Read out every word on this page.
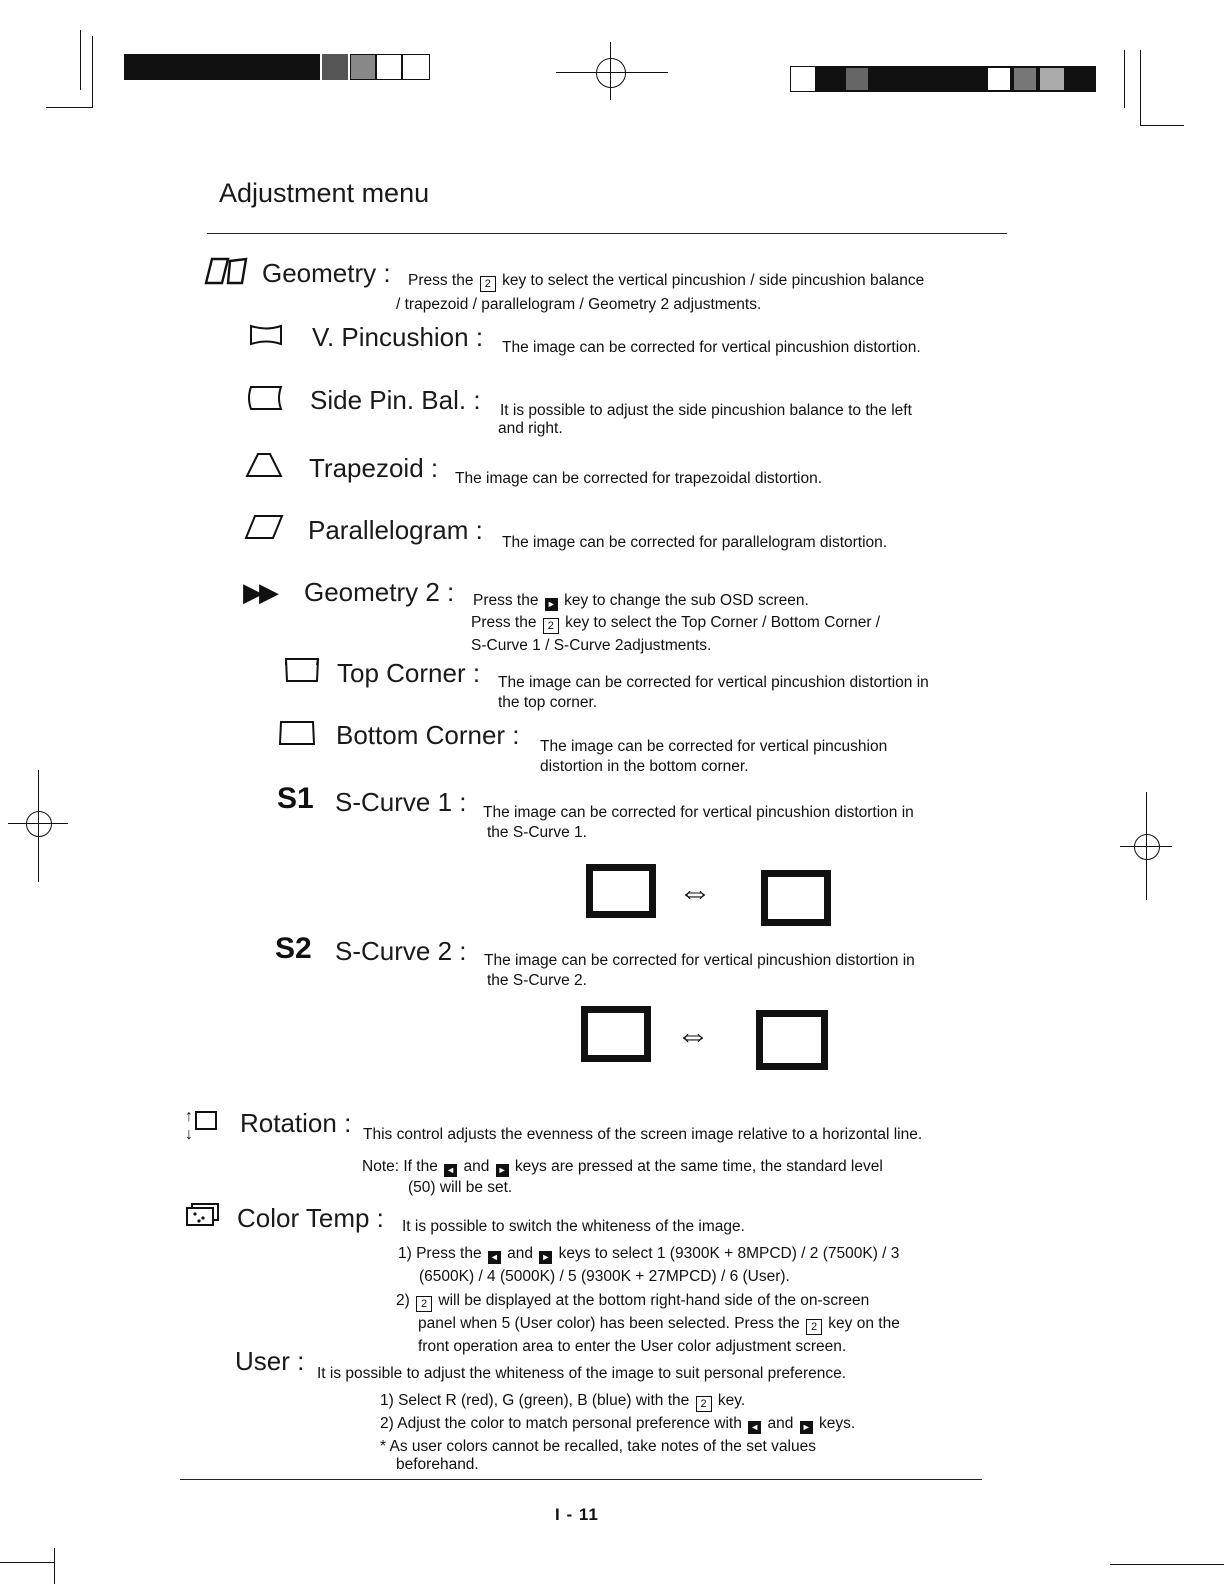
Adjustment menu
Geometry : Press the 2 key to select the vertical pincushion / side pincushion balance
/ trapezoid / parallelogram / Geometry 2 adjustments.
V. Pincushion : The image can be corrected for vertical pincushion distortion.
Side Pin. Bal. : It is possible to adjust the side pincushion balance to the left
and right.
Trapezoid : The image can be corrected for trapezoidal distortion.
Parallelogram : The image can be corrected for parallelogram distortion.
▶▶ Geometry 2 : Press the ► key to change the sub OSD screen.
Press the 2 key to select the Top Corner / Bottom Corner /
S-Curve 1 / S-Curve 2adjustments.
Top Corner : The image can be corrected for vertical pincushion distortion in
the top corner.
Bottom Corner : The image can be corrected for vertical pincushion
distortion in the bottom corner.
S1 S-Curve 1 : The image can be corrected for vertical pincushion distortion in
the S-Curve 1.
⇔
S2 S-Curve 2 : The image can be corrected for vertical pincushion distortion in
the S-Curve 2.
⇔
↑ ↓	Rotation : This control adjusts the evenness of the screen image relative to a horizontal line.
Note: If the ◄ and ► keys are pressed at the same time, the standard level
(50) will be set.
Color Temp : It is possible to switch the whiteness of the image.
1) Press the ◄ and ► keys to select 1 (9300K + 8MPCD) / 2 (7500K) / 3
(6500K) / 4 (5000K) / 5 (9300K + 27MPCD) / 6 (User).
2) 2 will be displayed at the bottom right-hand side of the on-screen
panel when 5 (User color) has been selected. Press the 2 key on the
front operation area to enter the User color adjustment screen.
User : It is possible to adjust the whiteness of the image to suit personal preference.
1) Select R (red), G (green), B (blue) with the 2 key.
2) Adjust the color to match personal preference with ◄ and ► keys.
* As user colors cannot be recalled, take notes of the set values
beforehand.
I - 11
